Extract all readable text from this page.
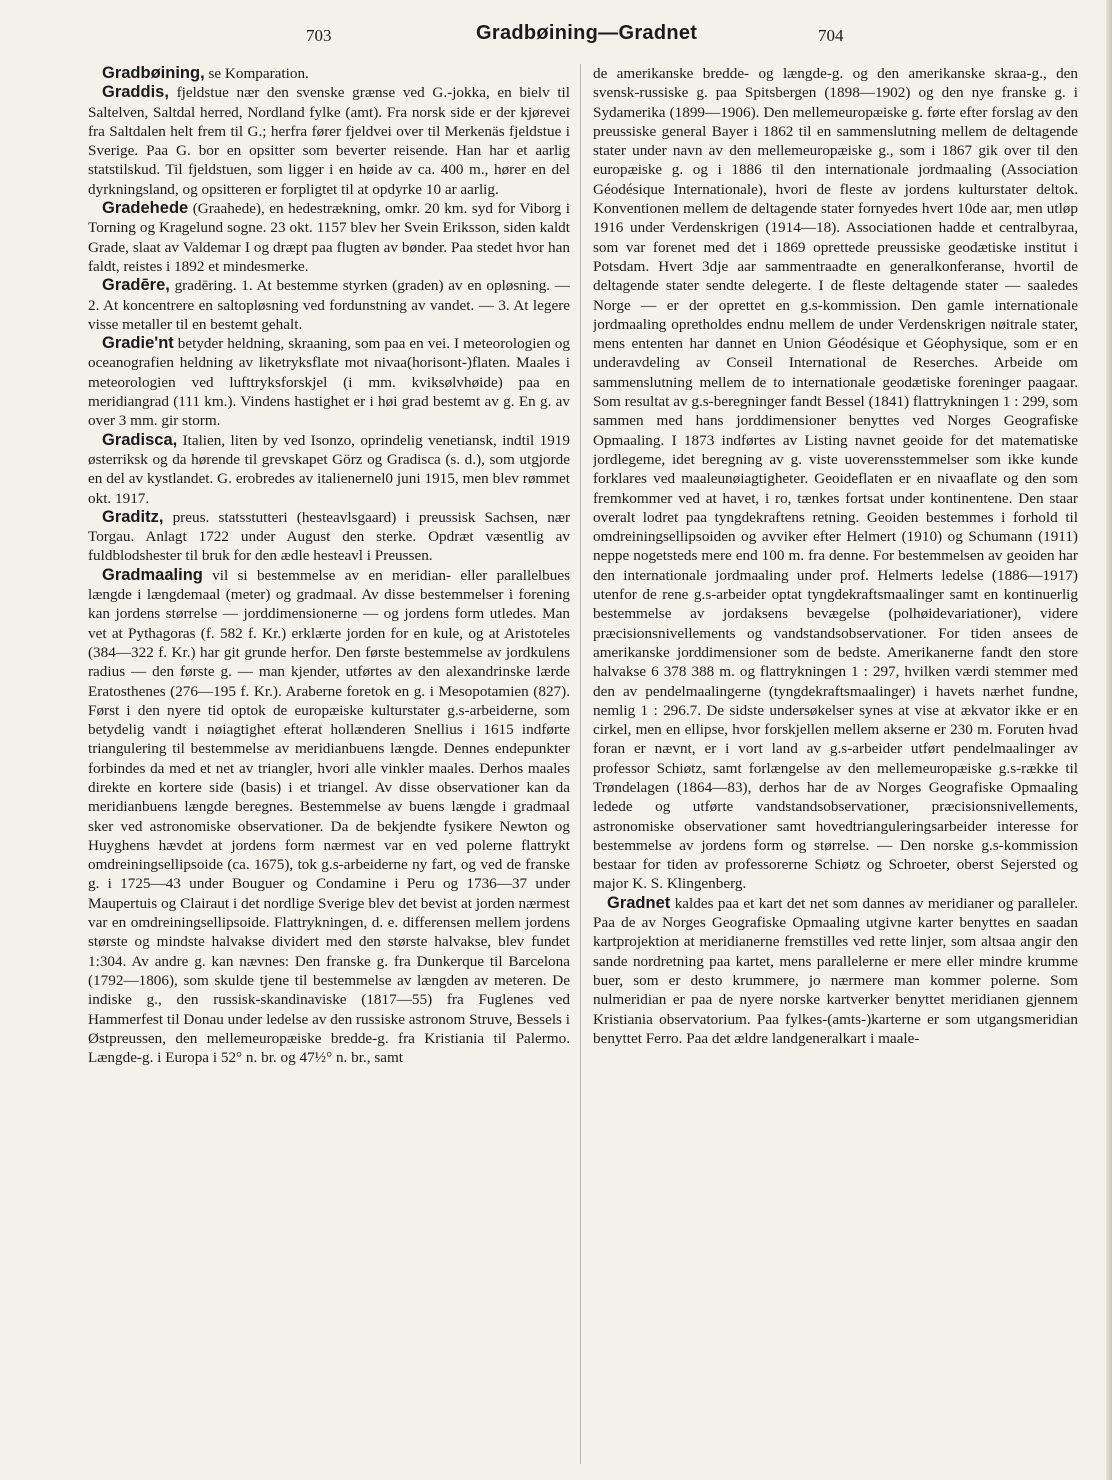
703	Gradbøining—Gradnet	704

Gradbøining, se Komparation.

Graddis, fjeldstue nær den svenske grænse ved G.-jokka, en bielv til Saltelven, Saltdal herred, Nordland fylke (amt). Fra norsk side er der kjørevei fra Saltdalen helt frem til G.; herfra fører fjeldvei over til Merkenäs fjeldstue i Sverige. Paa G. bor en opsitter som beverter reisende. Han har et aarlig statstilskud. Til fjeldstuen, som ligger i en høide av ca. 400 m., hører en del dyrkningsland, og opsitteren er forpligtet til at opdyrke 10 ar aarlig.

Gradehede (Graahede), en hedestrækning, omkr. 20 km. syd for Viborg i Torning og Kragelund sogne. 23 okt. 1157 blev her Svein Eriksson, siden kaldt Grade, slaat av Valdemar I og dræpt paa flugten av bønder. Paa stedet hvor han faldt, reistes i 1892 et mindesmerke.

Gradēre, gradēring. 1. At bestemme styrken (graden) av en opløsning. — 2. At koncentrere en saltopløsning ved fordunstning av vandet. — 3. At legere visse metaller til en bestemt gehalt.

Gradie'nt betyder heldning, skraaning, som paa en vei. I meteorologien og oceanografien heldning av liketryksflate mot nivaa(horisont-)flaten. Maales i meteorologien ved lufttryksforskjel (i mm. kviksølvhøide) paa en meridiangrad (111 km.). Vindens hastighet er i høi grad bestemt av g. En g. av over 3 mm. gir storm.

Gradisca, Italien, liten by ved Isonzo, oprindelig venetiansk, indtil 1919 østerriksk og da hørende til grevskapet Görz og Gradisca (s. d.), som utgjorde en del av kystlandet. G. erobredes av italienernel0 juni 1915, men blev rømmet okt. 1917.

Graditz, preus. statsstutteri (hesteavlsgaard) i preussisk Sachsen, nær Torgau. Anlagt 1722 under August den sterke. Opdræt væsentlig av fuldblodshester til bruk for den ædle hesteavl i Preussen.

Gradmaaling vil si bestemmelse av en meridian- eller parallelbues længde i længdemaal (meter) og gradmaal. Av disse bestemmelser i forening kan jordens størrelse — jorddimensionerne — og jordens form utledes. Man vet at Pythagoras (f. 582 f. Kr.) erklærte jorden for en kule, og at Aristoteles (384—322 f. Kr.) har git grunde herfor. Den første bestemmelse av jordkulens radius — den første g. — man kjender, utførtes av den alexandrinske lærde Eratosthenes (276—195 f. Kr.). Araberne foretok en g. i Mesopotamien (827). Først i den nyere tid optok de europæiske kulturstater g.s-arbeiderne, som betydelig vandt i nøiagtighet efterat hollænderen Snellius i 1615 indførte triangulering til bestemmelse av meridianbuens længde. Dennes endepunkter forbindes da med et net av triangler, hvori alle vinkler maales. Derhos maales direkte en kortere side (basis) i et triangel. Av disse observationer kan da meridianbuens længde beregnes. Bestemmelse av buens længde i gradmaal sker ved astronomiske observationer. Da de bekjendte fysikere Newton og Huyghens hævdet at jordens form nærmest var en ved polerne flattrykt omdreiningsellipsoide (ca. 1675), tok g.s-arbeiderne ny fart, og ved de franske g. i 1725—43 under Bouguer og Condamine i Peru og 1736—37 under Maupertuis og Clairaut i det nordlige Sverige blev det bevist at jorden nærmest var en omdreiningsellipsoide. Flattrykningen, d. e. differensen mellem jordens største og mindste halvakse dividert med den største halvakse, blev fundet 1:304. Av andre g. kan nævnes: Den franske g. fra Dunkerque til Barcelona (1792—1806), som skulde tjene til bestemmelse av længden av meteren. De indiske g., den russisk-skandinaviske (1817—55) fra Fuglenes ved Hammerfest til Donau under ledelse av den russiske astronom Struve, Bessels i Østpreussen, den mellemeuropæiske bredde-g. fra Kristiania til Palermo. Længde-g. i Europa i 52° n. br. og 47½° n. br., samt

de amerikanske bredde- og længde-g. og den amerikanske skraa-g., den svensk-russiske g. paa Spitsbergen (1898—1902) og den nye franske g. i Sydamerika (1899—1906). Den mellemeuropæiske g. førte efter forslag av den preussiske general Bayer i 1862 til en sammenslutning mellem de deltagende stater under navn av den mellemeuropæiske g., som i 1867 gik over til den europæiske g. og i 1886 til den internationale jordmaaling (Association Géodésique Internationale), hvori de fleste av jordens kulturstater deltok. Konventionen mellem de deltagende stater fornyedes hvert 10de aar, men utløp 1916 under Verdenskrigen (1914—18). Associationen hadde et centralbyraa, som var forenet med det i 1869 oprettede preussiske geodætiske institut i Potsdam. Hvert 3dje aar sammentraadte en generalkonferanse, hvortil de deltagende stater sendte delegerte. I de fleste deltagende stater — saaledes Norge — er der oprettet en g.s-kommission. Den gamle internationale jordmaaling opretholdes endnu mellem de under Verdenskrigen nøitrale stater, mens ententen har dannet en Union Géodésique et Géophysique, som er en underavdeling av Conseil International de Reserches. Arbeide om sammenslutning mellem de to internationale geodætiske foreninger paagaar. Som resultat av g.s-beregninger fandt Bessel (1841) flattrykningen 1 : 299, som sammen med hans jorddimensioner benyttes ved Norges Geografiske Opmaaling. I 1873 indførtes av Listing navnet geoide for det matematiske jordlegeme, idet beregning av g. viste uoverensstemmelser som ikke kunde forklares ved maaleunøiagtigheter. Geoideflaten er en nivaaflate og den som fremkommer ved at havet, i ro, tænkes fortsat under kontinentene. Den staar overalt lodret paa tyngdekraftens retning. Geoiden bestemmes i forhold til omdreiningsellipsoiden og avviker efter Helmert (1910) og Schumann (1911) neppe nogetsteds mere end 100 m. fra denne. For bestemmelsen av geoiden har den internationale jordmaaling under prof. Helmerts ledelse (1886—1917) utenfor de rene g.s-arbeider optat tyngdekraftsmaalinger samt en kontinuerlig bestemmelse av jordaksens bevægelse (polhøidevariationer), videre præcisionsnivellements og vandstandsobservationer. For tiden ansees de amerikanske jorddimensioner som de bedste. Amerikanerne fandt den store halvakse 6 378 388 m. og flattrykningen 1 : 297, hvilken værdi stemmer med den av pendelmaalingerne (tyngdekraftsmaalinger) i havets nærhet fundne, nemlig 1 : 296.7. De sidste undersøkelser synes at vise at ækvator ikke er en cirkel, men en ellipse, hvor forskjellen mellem akserne er 230 m. Foruten hvad foran er nævnt, er i vort land av g.s-arbeider utført pendelmaalinger av professor Schiøtz, samt forlængelse av den mellemeuropæiske g.s-række til Trøndelagen (1864—83), derhos har de av Norges Geografiske Opmaaling ledede og utførte vandstandsobservationer, præcisionsnivellements, astronomiske observationer samt hovedtrianguleringsarbeider interesse for bestemmelse av jordens form og størrelse. — Den norske g.s-kommission bestaar for tiden av professorerne Schiøtz og Schroeter, oberst Sejersted og major K. S. Klingenberg.

Gradnet kaldes paa et kart det net som dannes av meridianer og paralleler. Paa de av Norges Geografiske Opmaaling utgivne karter benyttes en saadan kartprojektion at meridianerne fremstilles ved rette linjer, som altsaa angir den sande nordretning paa kartet, mens parallelerne er mere eller mindre krumme buer, som er desto krummere, jo nærmere man kommer polerne. Som nulmeridian er paa de nyere norske kartverker benyttet meridianen gjennem Kristiania observatorium. Paa fylkes-(amts-)karterne er som utgangsmeridian benyttet Ferro. Paa det ældre landgeneralkart i maale-
